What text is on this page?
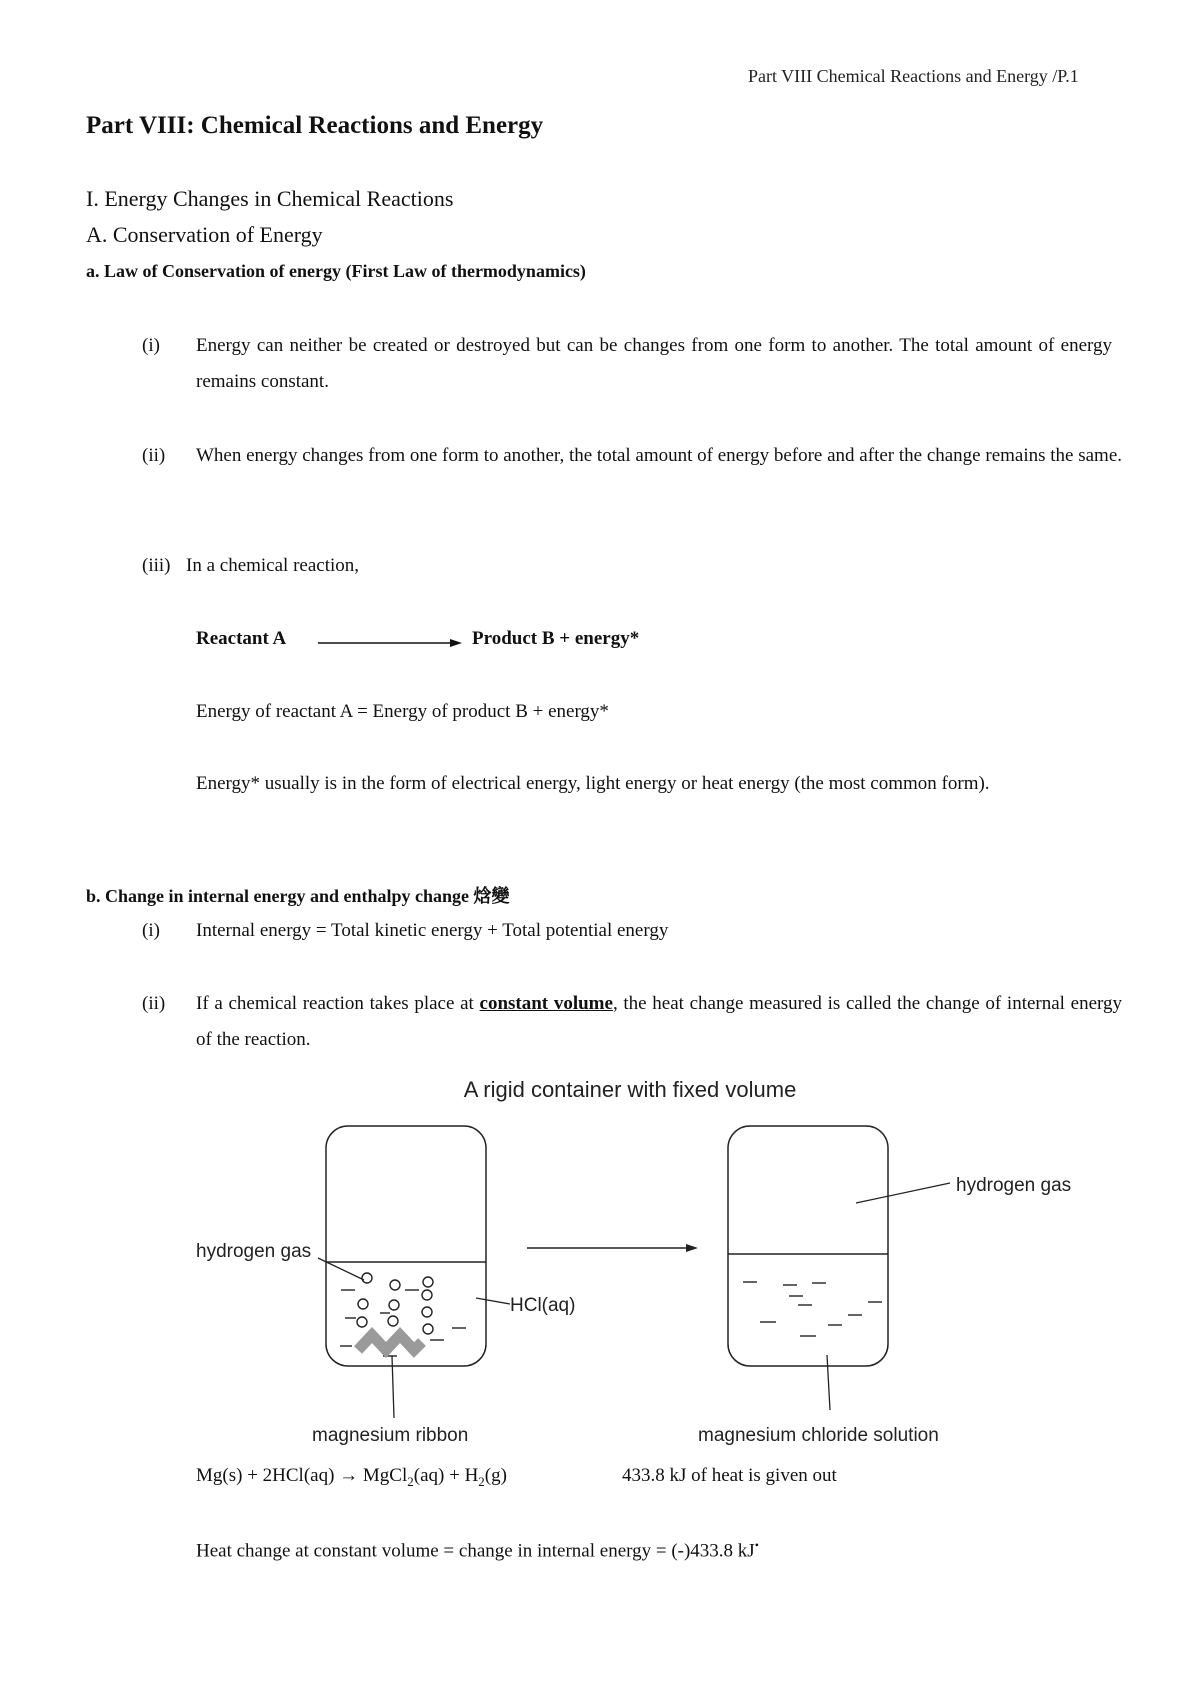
Part VIII Chemical Reactions and Energy /P.1
Part VIII: Chemical Reactions and Energy
I. Energy Changes in Chemical Reactions
A. Conservation of Energy
a. Law of Conservation of energy (First Law of thermodynamics)
(i) Energy can neither be created or destroyed but can be changes from one form to another. The total amount of energy remains constant.
(ii) When energy changes from one form to another, the total amount of energy before and after the change remains the same.
(iii) In a chemical reaction,
Reactant A	Product B + energy*
Energy of reactant A = Energy of product B + energy*
Energy* usually is in the form of electrical energy, light energy or heat energy (the most common form).
b. Change in internal energy and enthalpy change 焓變
(i) Internal energy = Total kinetic energy + Total potential energy
(ii) If a chemical reaction takes place at constant volume, the heat change measured is called the change of internal energy of the reaction.
A rigid container with fixed volume
hydrogen gas
HCl(aq)
magnesium ribbon
hydrogen gas
magnesium chloride solution
Mg(s) + 2HCl(aq) → MgCl$_2$(aq) + $H_2(g)$	433.8 kJ of heat is given out
Heat change at constant volume = change in internal energy = (-)433.8 kJ•
